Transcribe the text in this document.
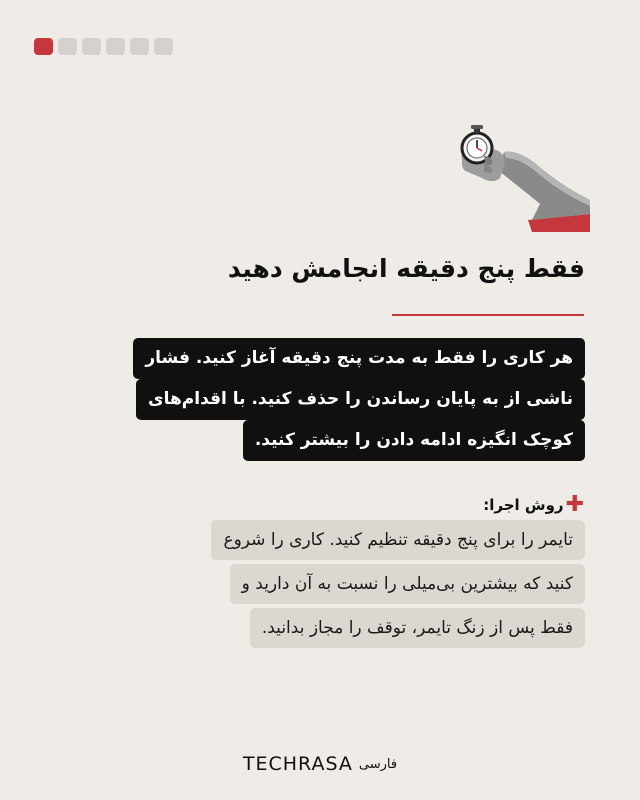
فقط پنج دقیقه انجامش دهید
هر کاری را فقط به مدت پنج دقیقه آغاز کنید. فشار
ناشی از به پایان رساندن را حذف کنید. با اقدام‌های
کوچک انگیزه ادامه دادن را بیشتر کنید.
✚
روش اجرا:
تایمر را برای پنج دقیقه تنظیم کنید. کاری را شروع
کنید که بیشترین بی‌میلی را نسبت به آن دارید و
فقط پس از زنگ تایمر، توقف را مجاز بدانید.
TECHRASA فارسی
